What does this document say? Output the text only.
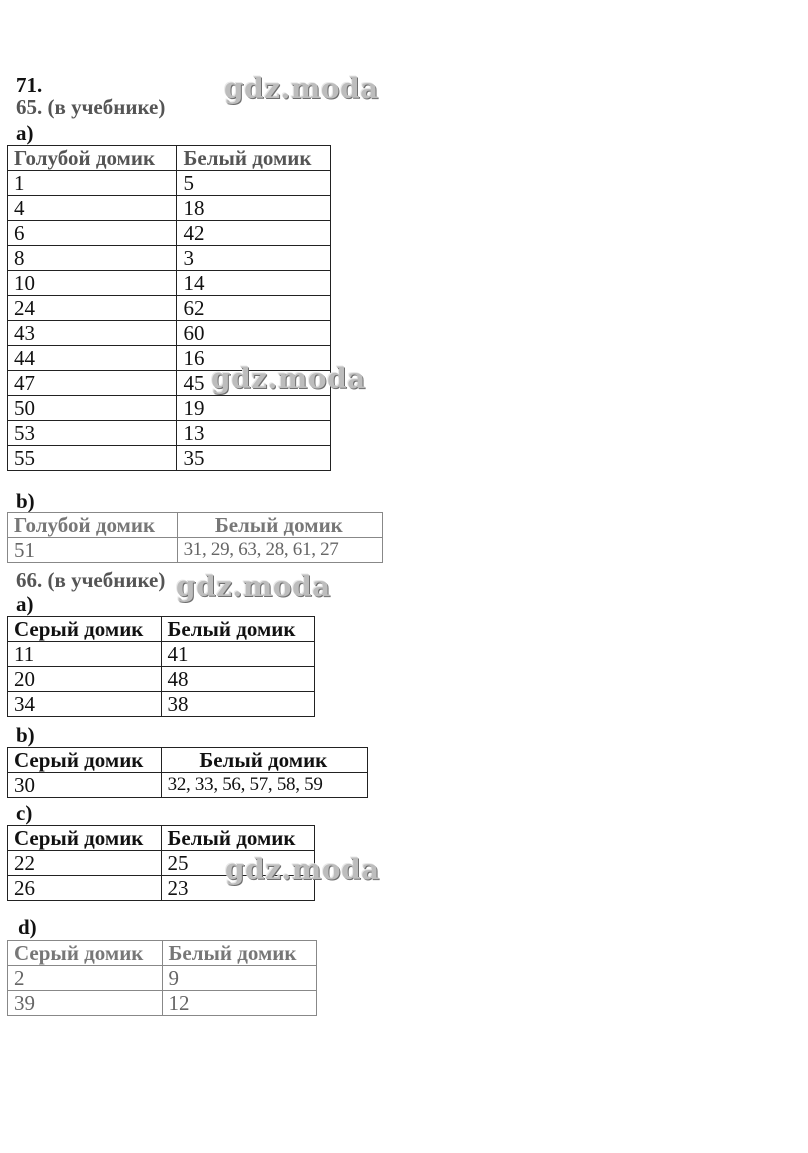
71.
65. (в учебнике)
a)
Голубой домик	Белый домик
1	5
4	18
6	42
8	3
10	14
24	62
43	60
44	16
47	45
50	19
53	13
55	35
b)
Голубой домик	Белый домик
51	31, 29, 63, 28, 61, 27
66. (в учебнике)
a)
Серый домик	Белый домик
11	41
20	48
34	38
b)
Серый домик	Белый домик
30	32, 33, 56, 57, 58, 59
c)
Серый домик	Белый домик
22	25
26	23
d)
Серый домик	Белый домик
2	9
39	12
gdz.moda
gdz.moda
gdz.moda
gdz.moda
